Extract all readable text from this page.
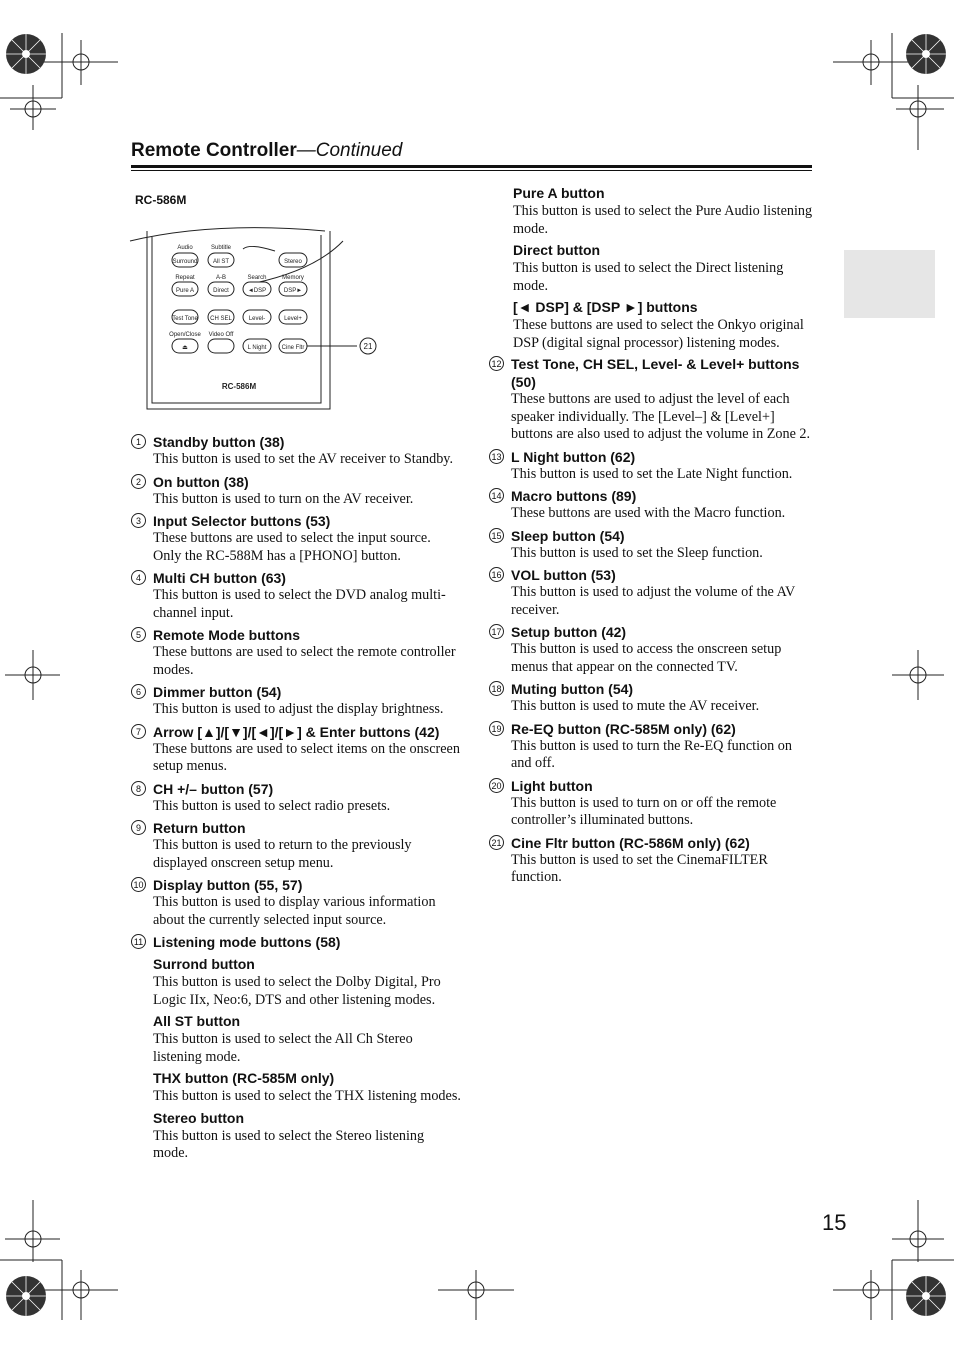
Remote Controller—Continued
RC-586M
Audio	Subtitle
Repeat	A-B	Search	Memory
Open/Close Video Off
Surround	All ST	Stereo
Pure A	Direct	◄DSP	DSP►
Test Tone CH SEL	Level-	Level+
⏏	L Night	Cine Fltr	21
RC-586M
1 Standby button (38)
This button is used to set the AV receiver to Standby.
2 On button (38)
This button is used to turn on the AV receiver.
3 Input Selector buttons (53)
These buttons are used to select the input source. Only the RC-588M has a [PHONO] button.
4 Multi CH button (63)
This button is used to select the DVD analog multi-channel input.
5 Remote Mode buttons
These buttons are used to select the remote controller modes.
6 Dimmer button (54)
This button is used to adjust the display brightness.
7 Arrow [▲]/[▼]/[◄]/[►] & Enter buttons (42)
These buttons are used to select items on the onscreen setup menus.
8 CH +/– button (57)
This button is used to select radio presets.
9 Return button
This button is used to return to the previously displayed onscreen setup menu.
10 Display button (55, 57)
This button is used to display various information about the currently selected input source.
11 Listening mode buttons (58)
Surrond button
This button is used to select the Dolby Digital, Pro Logic IIx, Neo:6, DTS and other listening modes.
All ST button
This button is used to select the All Ch Stereo listening mode.
THX button (RC-585M only)
This button is used to select the THX listening modes.
Stereo button
This button is used to select the Stereo listening mode.
Pure A button
This button is used to select the Pure Audio listening mode.
Direct button
This button is used to select the Direct listening mode.
[◄ DSP] & [DSP ►] buttons
These buttons are used to select the Onkyo original DSP (digital signal processor) listening modes.
12 Test Tone, CH SEL, Level- & Level+ buttons (50)
These buttons are used to adjust the level of each speaker individually. The [Level–] & [Level+] buttons are also used to adjust the volume in Zone 2.
13 L Night button (62)
This button is used to set the Late Night function.
14 Macro buttons (89)
These buttons are used with the Macro function.
15 Sleep button (54)
This button is used to set the Sleep function.
16 VOL button (53)
This button is used to adjust the volume of the AV receiver.
17 Setup button (42)
This button is used to access the onscreen setup menus that appear on the connected TV.
18 Muting button (54)
This button is used to mute the AV receiver.
19 Re-EQ button (RC-585M only) (62)
This button is used to turn the Re-EQ function on and off.
20 Light button
This button is used to turn on or off the remote controller’s illuminated buttons.
21 Cine Fltr button (RC-586M only) (62)
This button is used to set the CinemaFILTER function.
15
